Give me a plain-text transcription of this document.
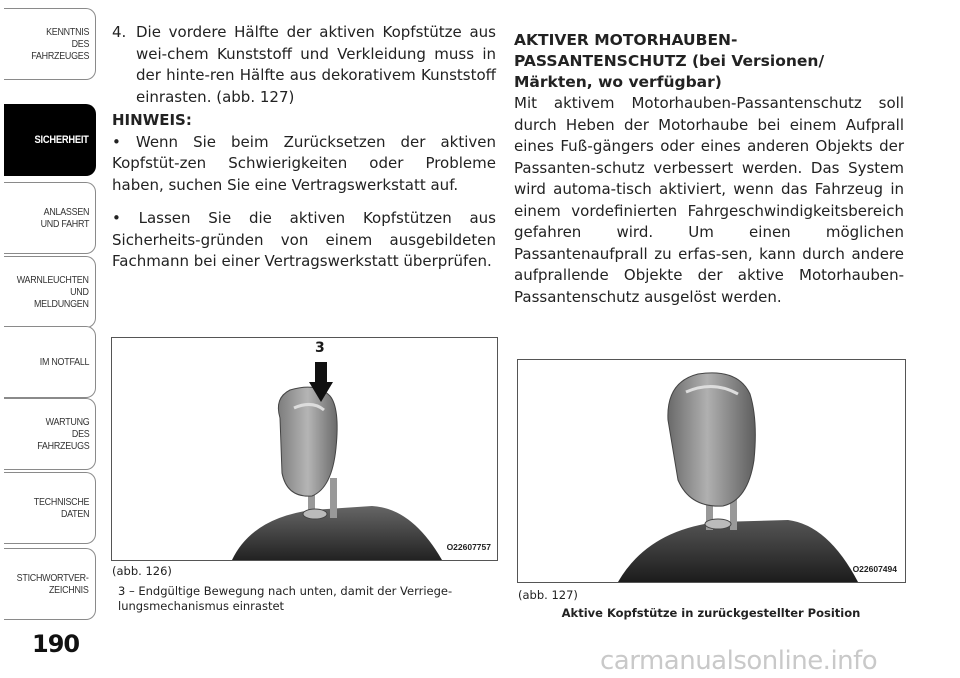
KENNTNIS
DES
FAHRZEUGES
SICHERHEIT
ANLASSEN
UND FAHRT
WARNLEUCHTEN
UND
MELDUNGEN
IM NOTFALL
WARTUNG
DES
FAHRZEUGS
TECHNISCHE
DATEN
STICHWORTVER-
ZEICHNIS
190
4. Die vordere Hälfte der aktiven Kopfstütze aus wei-chem Kunststoff und Verkleidung muss in der hinte-ren Hälfte aus dekorativem Kunststoff einrasten. (abb. 127)

HINWEIS:

• Wenn Sie beim Zurücksetzen der aktiven Kopfstüt-zen Schwierigkeiten oder Probleme haben, suchen Sie eine Vertragswerkstatt auf.

• Lassen Sie die aktiven Kopfstützen aus Sicherheits-gründen von einem ausgebildeten Fachmann bei einer Vertragswerkstatt überprüfen.

AKTIVER MOTORHAUBEN-PASSANTENSCHUTZ (bei Versionen/ Märkten, wo verfügbar)

Mit aktivem Motorhauben-Passantenschutz soll durch Heben der Motorhaube bei einem Aufprall eines Fuß-gängers oder eines anderen Objekts der Passanten-schutz verbessert werden. Das System wird automa-tisch aktiviert, wenn das Fahrzeug in einem vordefinierten Fahrgeschwindigkeitsbereich gefahren wird. Um einen möglichen Passantenaufprall zu erfas-sen, kann durch andere aufprallende Objekte der aktive Motorhauben-Passantenschutz ausgelöst werden.

3
O22607757
(abb. 126)
3 – Endgültige Bewegung nach unten, damit der Verriege-lungsmechanismus einrastet
O22607494
(abb. 127)
Aktive Kopfstütze in zurückgestellter Position
carmanualsonline.info
